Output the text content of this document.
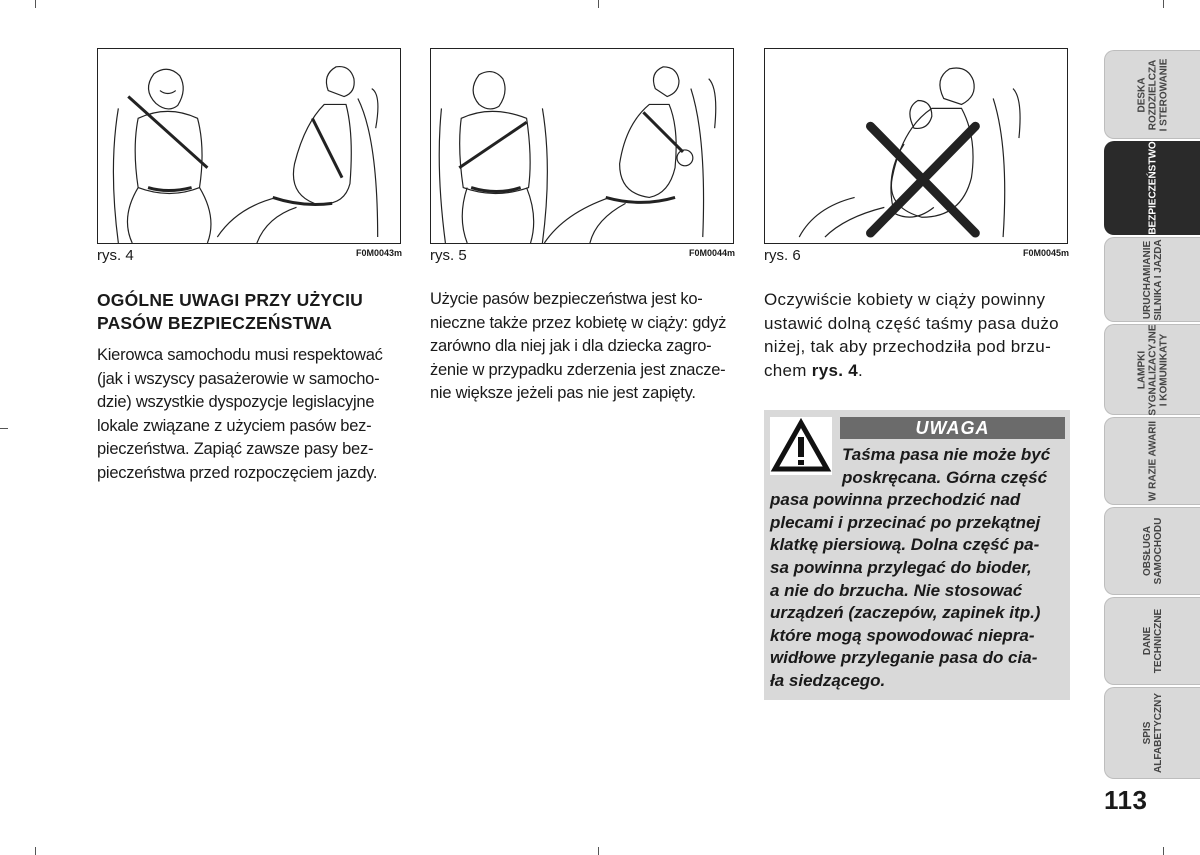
rys. 4	F0M0043m rys. 5	F0M0044m rys. 6	F0M0045m
OGÓLNE UWAGI PRZY UŻYCIU
PASÓW BEZPIECZEŃSTWA
Kierowca samochodu musi respektować
(jak i wszyscy pasażerowie w samocho-
dzie) wszystkie dyspozycje legislacyjne
lokale związane z użyciem pasów bez-
pieczeństwa. Zapiąć zawsze pasy bez-
pieczeństwa przed rozpoczęciem jazdy.
Użycie pasów bezpieczeństwa jest ko-
nieczne także przez kobietę w ciąży: gdyż
zarówno dla niej jak i dla dziecka zagro-
żenie w przypadku zderzenia jest znacze-
nie większe jeżeli pas nie jest zapięty.
Oczywiście kobiety w ciąży powinny
ustawić dolną część taśmy pasa dużo
niżej, tak aby przechodziła pod brzu-
chem rys. 4.
UWAGA
Taśma pasa nie może być
poskręcana. Górna część
pasa powinna przechodzić nad
plecami i przecinać po przekątnej
klatkę piersiową. Dolna część pa-
sa powinna przylegać do bioder,
a nie do brzucha. Nie stosować
urządzeń (zaczepów, zapinek itp.)
które mogą spowodować niepra-
widłowe przyleganie pasa do cia-
ła siedzącego.
DESKA ROZDZIELCZA I STEROWANIE
BEZPIECZEŃSTWO
URUCHAMIANIE SILNIKA I JAZDA
LAMPKI SYGNALIZACYJNE I KOMUNIKATY
W RAZIE AWARII
OBSŁUGA SAMOCHODU
DANE TECHNICZNE
SPIS ALFABETYCZNY
113
